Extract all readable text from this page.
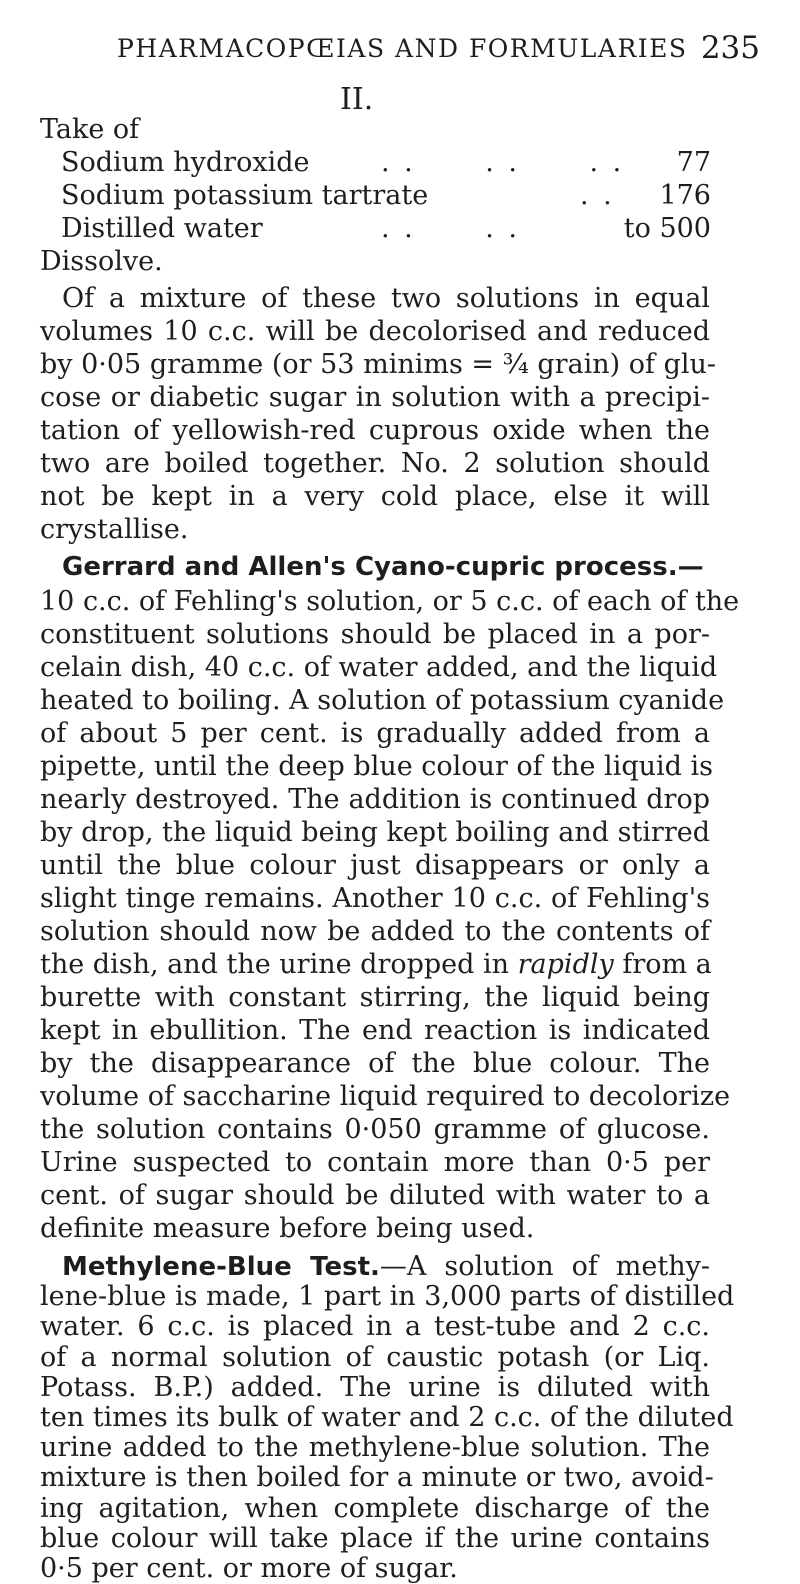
PHARMACOPŒIAS AND FORMULARIES 235
II.
Take of
Sodium hydroxide	. .      . .      . . 77
Sodium potassium tartrate	. . 176
Distilled water	. .      . .	to 500
Dissolve.
Of a mixture of these two solutions in equal
volumes 10 c.c. will be decolorised and reduced
by 0·05 gramme (or 53 minims = ¾ grain) of glu-
cose or diabetic sugar in solution with a precipi-
tation of yellowish-red cuprous oxide when the
two are boiled together. No. 2 solution should
not be kept in a very cold place, else it will
crystallise.
Gerrard and Allen's Cyano-cupric process.—
10 c.c. of Fehling's solution, or 5 c.c. of each of the
constituent solutions should be placed in a por-
celain dish, 40 c.c. of water added, and the liquid
heated to boiling. A solution of potassium cyanide
of about 5 per cent. is gradually added from a
pipette, until the deep blue colour of the liquid is
nearly destroyed. The addition is continued drop
by drop, the liquid being kept boiling and stirred
until the blue colour just disappears or only a
slight tinge remains. Another 10 c.c. of Fehling's
solution should now be added to the contents of
the dish, and the urine dropped in rapidly from a
burette with constant stirring, the liquid being
kept in ebullition. The end reaction is indicated
by the disappearance of the blue colour. The
volume of saccharine liquid required to decolorize
the solution contains 0·050 gramme of glucose.
Urine suspected to contain more than 0·5 per
cent. of sugar should be diluted with water to a
definite measure before being used.
Methylene-Blue Test.—A solution of methy-
lene-blue is made, 1 part in 3,000 parts of distilled
water. 6 c.c. is placed in a test-tube and 2 c.c.
of a normal solution of caustic potash (or Liq.
Potass. B.P.) added. The urine is diluted with
ten times its bulk of water and 2 c.c. of the diluted
urine added to the methylene-blue solution. The
mixture is then boiled for a minute or two, avoid-
ing agitation, when complete discharge of the
blue colour will take place if the urine contains
0·5 per cent. or more of sugar.
